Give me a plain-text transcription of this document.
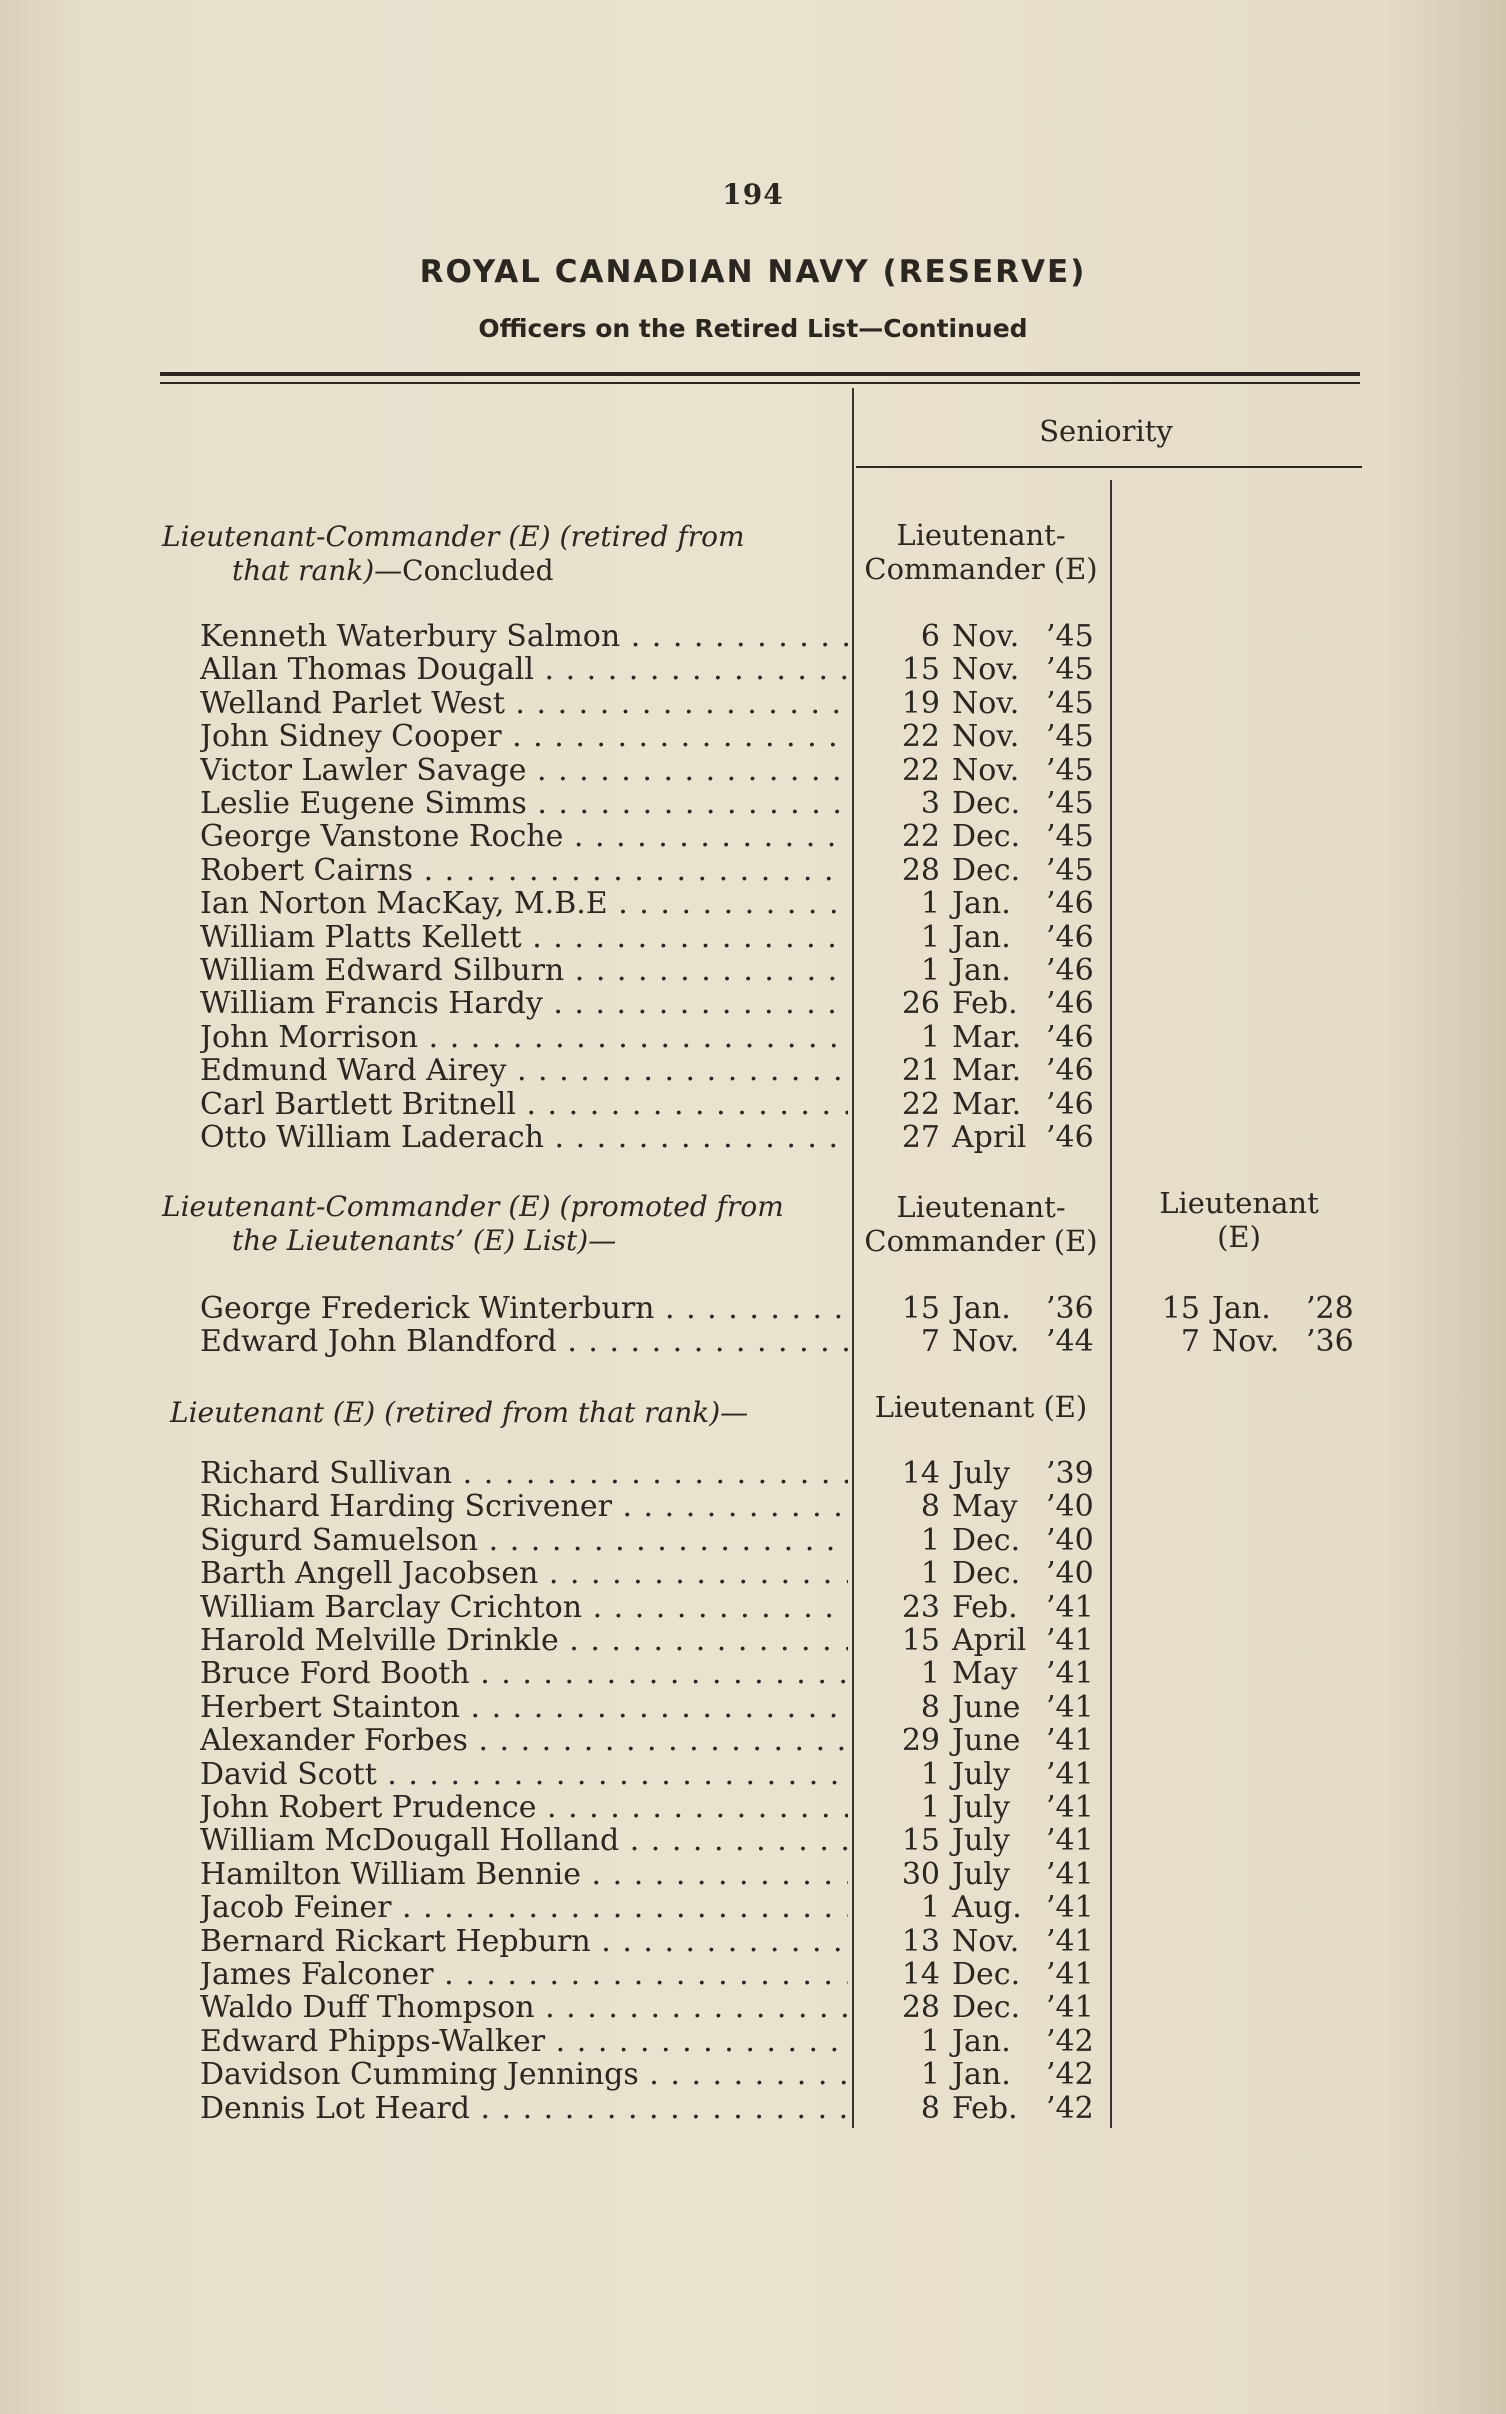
194
ROYAL CANADIAN NAVY (RESERVE)
Officers on the Retired List—Continued
Seniority
Lieutenant-Commander (E) (retired from
that rank)—Concluded
Lieutenant-
Commander (E)
Kenneth Waterbury Salmon . . .	6 Nov. ’45
Allan Thomas Dougall . . .	15 Nov. ’45
Welland Parlet West . . .	19 Nov. ’45
John Sidney Cooper . . .	22 Nov. ’45
Victor Lawler Savage . . .	22 Nov. ’45
Leslie Eugene Simms . . .	3 Dec. ’45
George Vanstone Roche . . .	22 Dec. ’45
Robert Cairns . . .	28 Dec. ’45
Ian Norton MacKay, M.B.E . . .	1 Jan. ’46
William Platts Kellett . . .	1 Jan. ’46
William Edward Silburn . . .	1 Jan. ’46
William Francis Hardy . . .	26 Feb. ’46
John Morrison . . .	1 Mar. ’46
Edmund Ward Airey . . .	21 Mar. ’46
Carl Bartlett Britnell . . .	22 Mar. ’46
Otto William Laderach . . .	27 April ’46
Lieutenant-Commander (E) (promoted from
the Lieutenants’ (E) List)—
Lieutenant-
Commander (E)
Lieutenant
(E)
George Frederick Winterburn . . .	15 Jan. ’36	15 Jan. ’28
Edward John Blandford . . .	7 Nov. ’44	7 Nov. ’36
Lieutenant (E) (retired from that rank)—	Lieutenant (E)
Richard Sullivan . . .	14 July ’39
Richard Harding Scrivener . . .	8 May ’40
Sigurd Samuelson . . .	1 Dec. ’40
Barth Angell Jacobsen . . .	1 Dec. ’40
William Barclay Crichton . . .	23 Feb. ’41
Harold Melville Drinkle . . .	15 April ’41
Bruce Ford Booth . . .	1 May ’41
Herbert Stainton . . .	8 June ’41
Alexander Forbes . . .	29 June ’41
David Scott . . .	1 July ’41
John Robert Prudence . . .	1 July ’41
William McDougall Holland . . .	15 July ’41
Hamilton William Bennie . . .	30 July ’41
Jacob Feiner . . .	1 Aug. ’41
Bernard Rickart Hepburn . . .	13 Nov. ’41
James Falconer . . .	14 Dec. ’41
Waldo Duff Thompson . . .	28 Dec. ’41
Edward Phipps-Walker . . .	1 Jan. ’42
Davidson Cumming Jennings . . .	1 Jan. ’42
Dennis Lot Heard . . .	8 Feb. ’42
